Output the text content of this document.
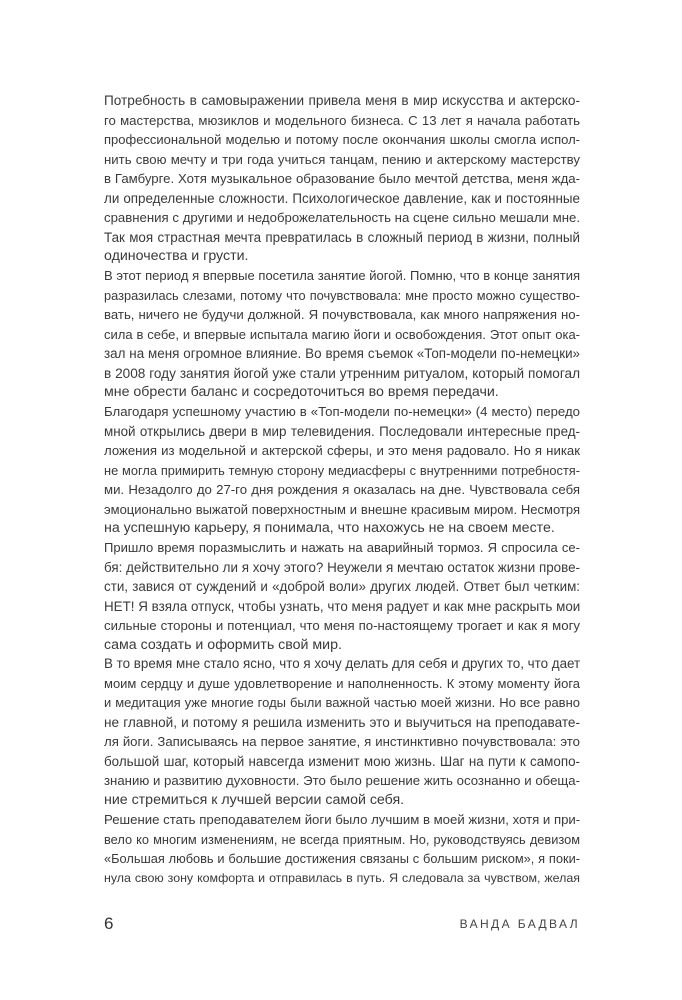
Потребность в самовыражении привела меня в мир искусства и актерско-
го мастерства, мюзиклов и модельного бизнеса. С 13 лет я начала работать
профессиональной моделью и потому после окончания школы смогла испол-
нить свою мечту и три года учиться танцам, пению и актерскому мастерству
в Гамбурге. Хотя музыкальное образование было мечтой детства, меня жда-
ли определенные сложности. Психологическое давление, как и постоянные
сравнения с другими и недоброжелательность на сцене сильно мешали мне.
Так моя страстная мечта превратилась в сложный период в жизни, полный
одиночества и грусти.
В этот период я впервые посетила занятие йогой. Помню, что в конце занятия
разразилась слезами, потому что почувствовала: мне просто можно существо-
вать, ничего не будучи должной. Я почувствовала, как много напряжения но-
сила в себе, и впервые испытала магию йоги и освобождения. Этот опыт ока-
зал на меня огромное влияние. Во время съемок «Топ-модели по-немецки»
в 2008 году занятия йогой уже стали утренним ритуалом, который помогал
мне обрести баланс и сосредоточиться во время передачи.
Благодаря успешному участию в «Топ-модели по-немецки» (4 место) передо
мной открылись двери в мир телевидения. Последовали интересные пред-
ложения из модельной и актерской сферы, и это меня радовало. Но я никак
не могла примирить темную сторону медиасферы с внутренними потребностя-
ми. Незадолго до 27-го дня рождения я оказалась на дне. Чувствовала себя
эмоционально выжатой поверхностным и внешне красивым миром. Несмотря
на успешную карьеру, я понимала, что нахожусь не на своем месте.
Пришло время поразмыслить и нажать на аварийный тормоз. Я спросила се-
бя: действительно ли я хочу этого? Неужели я мечтаю остаток жизни прове-
сти, завися от суждений и «доброй воли» других людей. Ответ был четким:
НЕТ! Я взяла отпуск, чтобы узнать, что меня радует и как мне раскрыть мои
сильные стороны и потенциал, что меня по-настоящему трогает и как я могу
сама создать и оформить свой мир.
В то время мне стало ясно, что я хочу делать для себя и других то, что дает
моим сердцу и душе удовлетворение и наполненность. К этому моменту йога
и медитация уже многие годы были важной частью моей жизни. Но все равно
не главной, и потому я решила изменить это и выучиться на преподавате-
ля йоги. Записываясь на первое занятие, я инстинктивно почувствовала: это
большой шаг, который навсегда изменит мою жизнь. Шаг на пути к самопо-
знанию и развитию духовности. Это было решение жить осознанно и обеща-
ние стремиться к лучшей версии самой себя.
Решение стать преподавателем йоги было лучшим в моей жизни, хотя и при-
вело ко многим изменениям, не всегда приятным. Но, руководствуясь девизом
«Большая любовь и большие достижения связаны с большим риском», я поки-
нула свою зону комфорта и отправилась в путь. Я следовала за чувством, желая
6	ВАНДА БАДВАЛ
